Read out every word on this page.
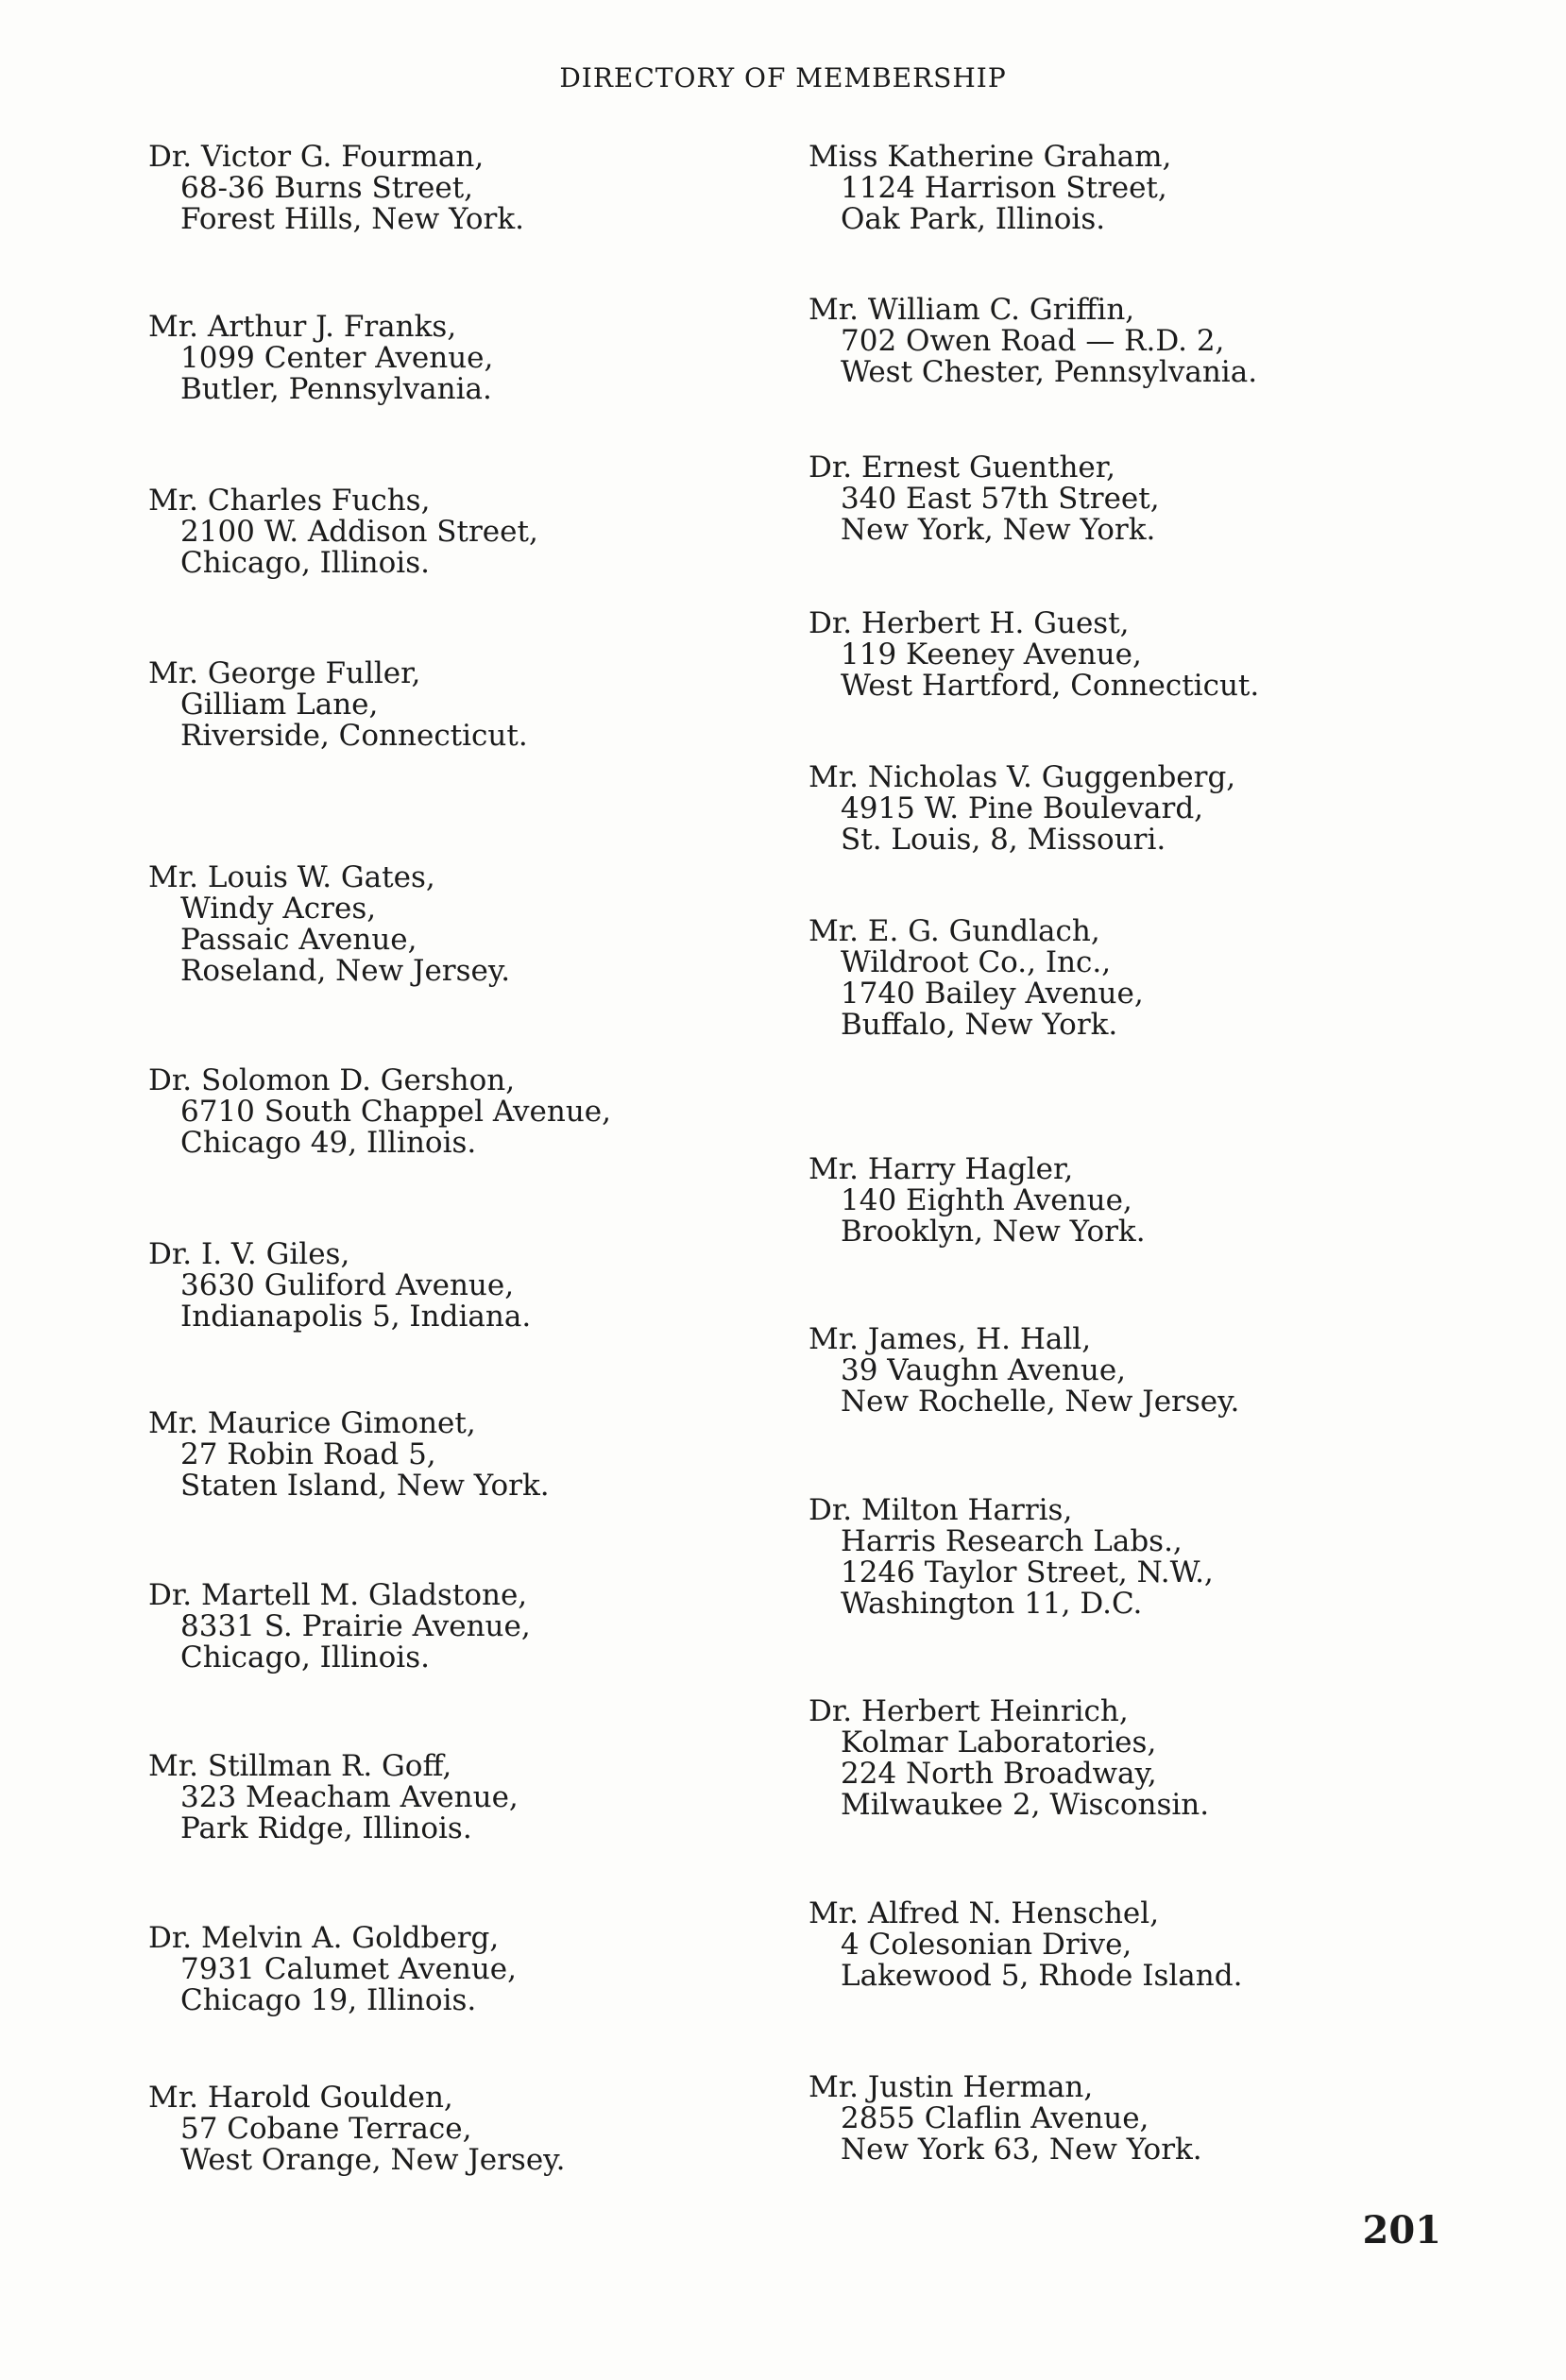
DIRECTORY OF MEMBERSHIP
Dr. Victor G. Fourman,
68-36 Burns Street,
Forest Hills, New York.
Mr. Arthur J. Franks,
1099 Center Avenue,
Butler, Pennsylvania.
Mr. Charles Fuchs,
2100 W. Addison Street,
Chicago, Illinois.
Mr. George Fuller,
Gilliam Lane,
Riverside, Connecticut.
Mr. Louis W. Gates,
Windy Acres,
Passaic Avenue,
Roseland, New Jersey.
Dr. Solomon D. Gershon,
6710 South Chappel Avenue,
Chicago 49, Illinois.
Dr. I. V. Giles,
3630 Guliford Avenue,
Indianapolis 5, Indiana.
Mr. Maurice Gimonet,
27 Robin Road 5,
Staten Island, New York.
Dr. Martell M. Gladstone,
8331 S. Prairie Avenue,
Chicago, Illinois.
Mr. Stillman R. Goff,
323 Meacham Avenue,
Park Ridge, Illinois.
Dr. Melvin A. Goldberg,
7931 Calumet Avenue,
Chicago 19, Illinois.
Mr. Harold Goulden,
57 Cobane Terrace,
West Orange, New Jersey.
Miss Katherine Graham,
1124 Harrison Street,
Oak Park, Illinois.
Mr. William C. Griffin,
702 Owen Road — R.D. 2,
West Chester, Pennsylvania.
Dr. Ernest Guenther,
340 East 57th Street,
New York, New York.
Dr. Herbert H. Guest,
119 Keeney Avenue,
West Hartford, Connecticut.
Mr. Nicholas V. Guggenberg,
4915 W. Pine Boulevard,
St. Louis, 8, Missouri.
Mr. E. G. Gundlach,
Wildroot Co., Inc.,
1740 Bailey Avenue,
Buffalo, New York.
Mr. Harry Hagler,
140 Eighth Avenue,
Brooklyn, New York.
Mr. James, H. Hall,
39 Vaughn Avenue,
New Rochelle, New Jersey.
Dr. Milton Harris,
Harris Research Labs.,
1246 Taylor Street, N.W.,
Washington 11, D.C.
Dr. Herbert Heinrich,
Kolmar Laboratories,
224 North Broadway,
Milwaukee 2, Wisconsin.
Mr. Alfred N. Henschel,
4 Colesonian Drive,
Lakewood 5, Rhode Island.
Mr. Justin Herman,
2855 Claflin Avenue,
New York 63, New York.
201
